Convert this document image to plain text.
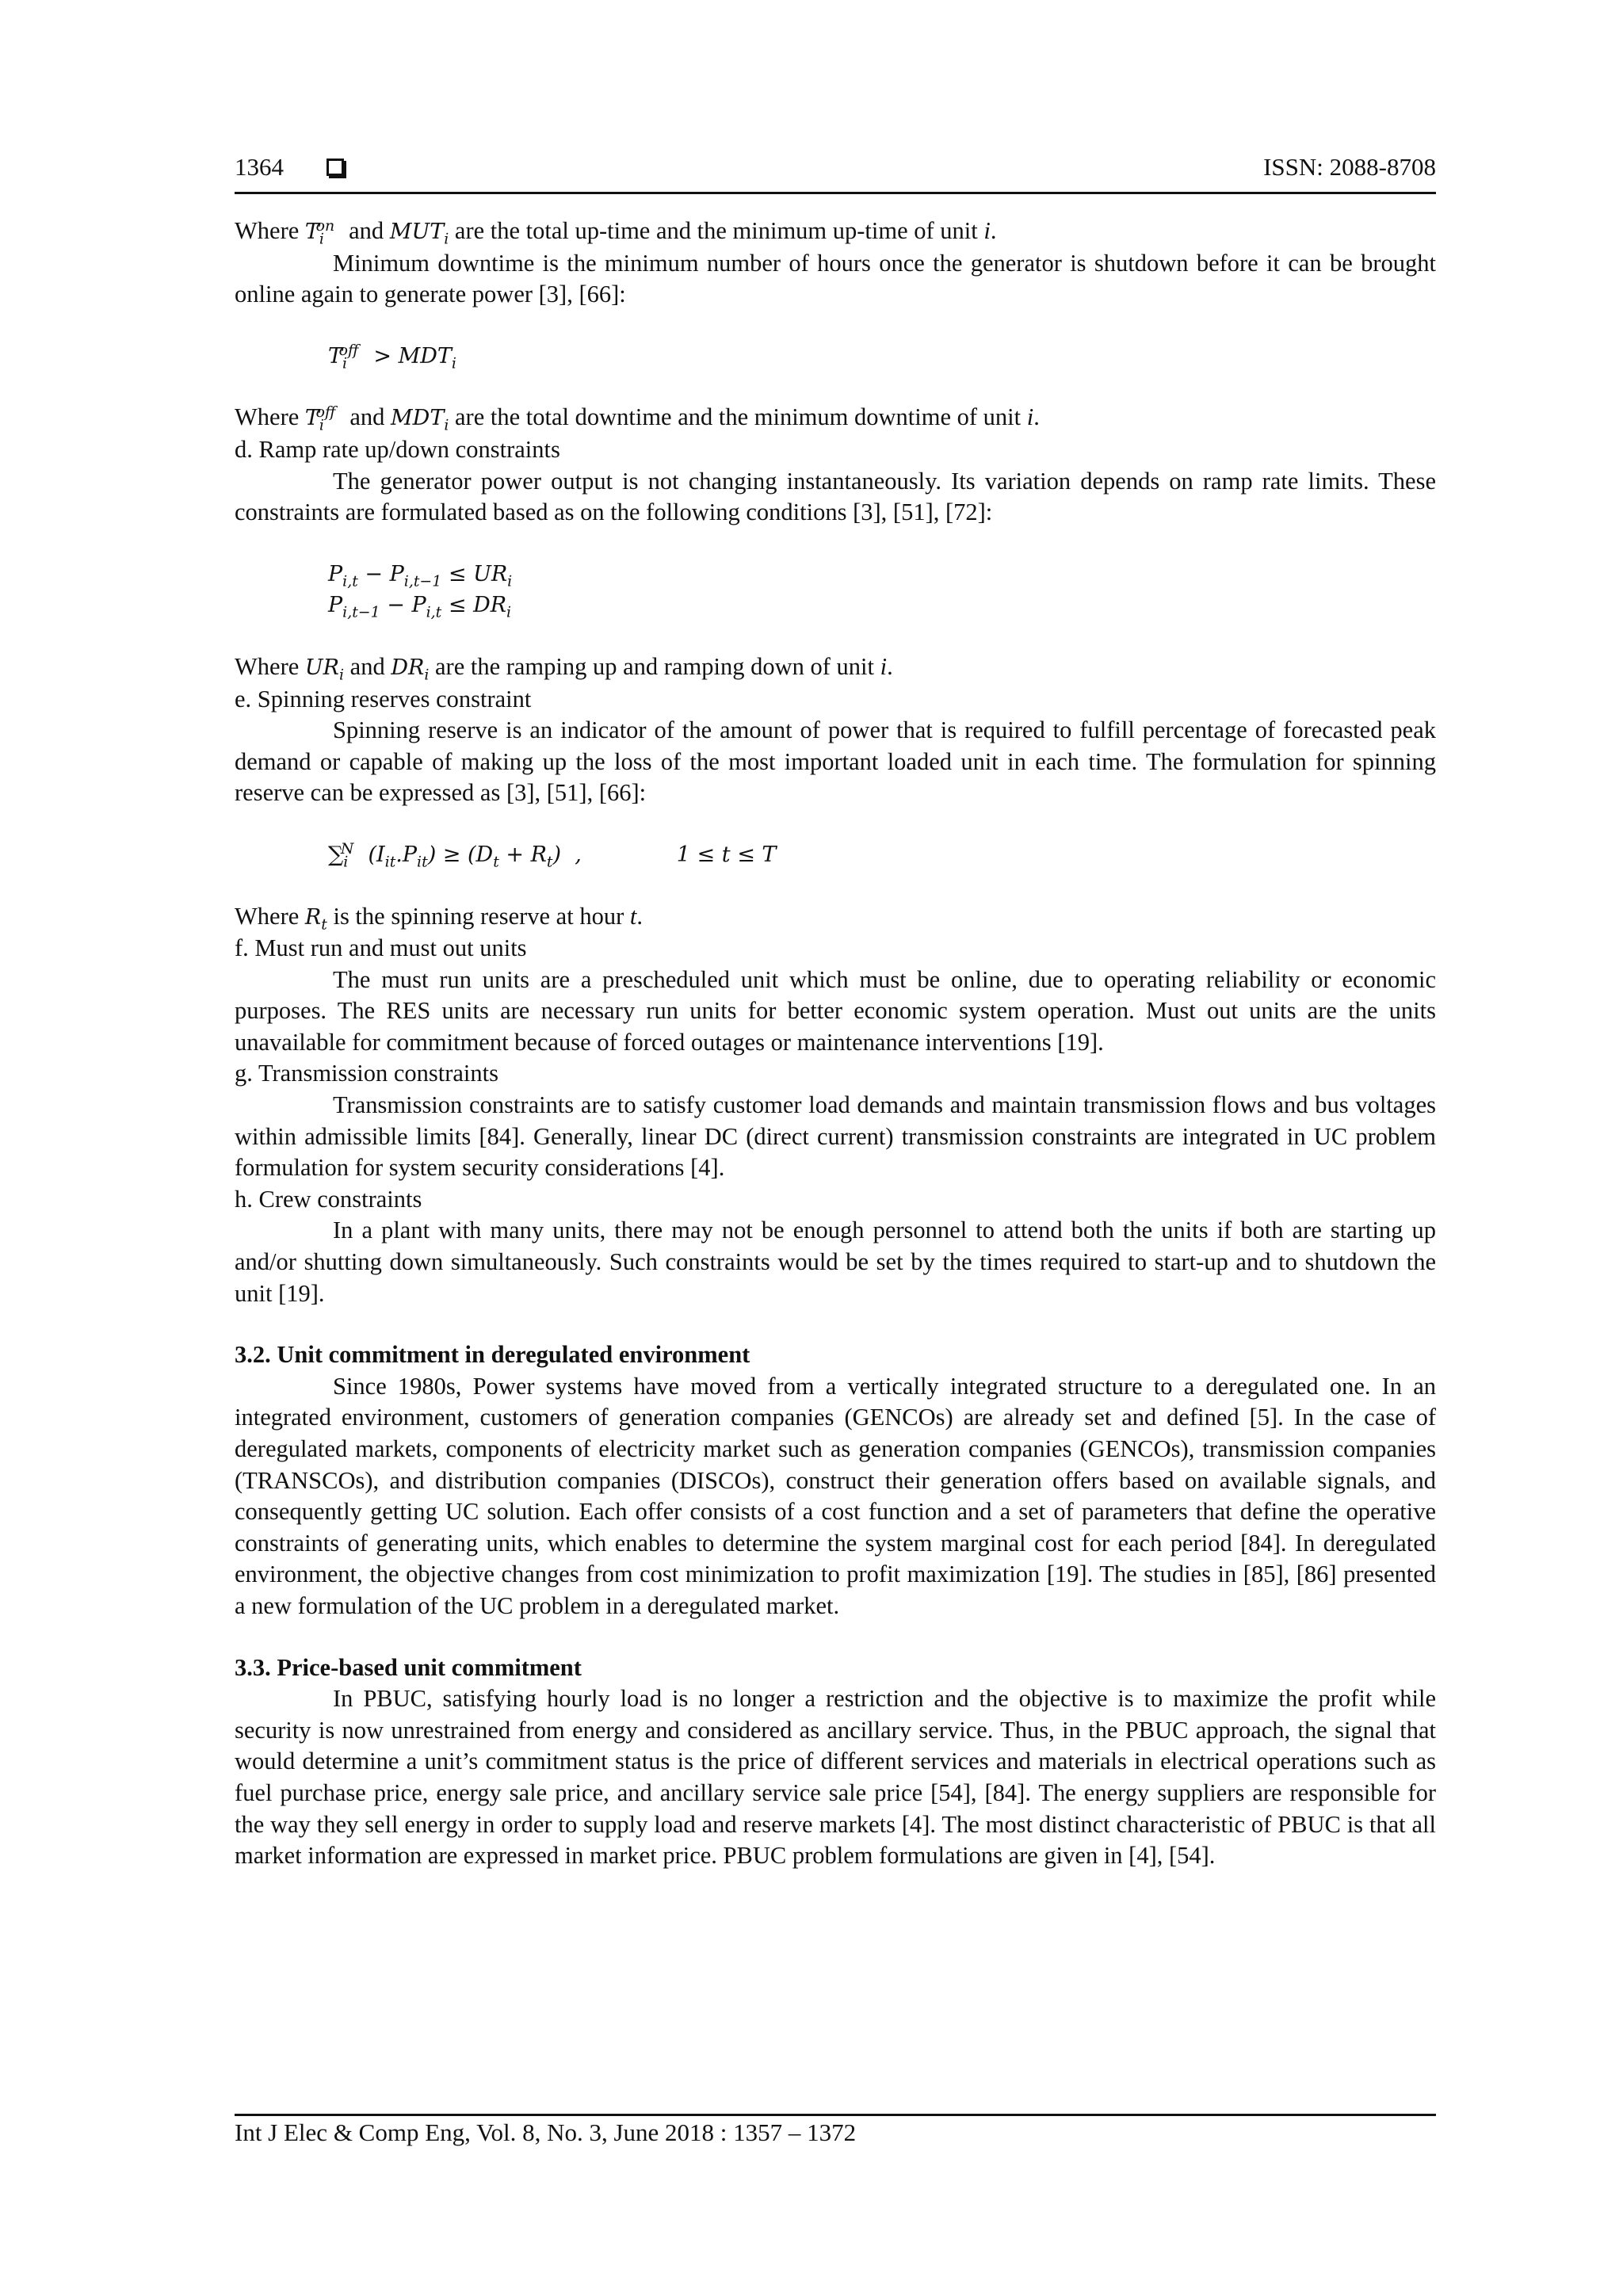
1364	ISSN: 2088-8708

Where $T_i^{on}$ and $MUT_i$ are the total up-time and the minimum up-time of unit i.

Minimum downtime is the minimum number of hours once the generator is shutdown before it can be brought online again to generate power [3], [66]:

$T_i^{off} > MDT_i$

Where $T_i^{off}$ and $MDT_i$ are the total downtime and the minimum downtime of unit i.

d. Ramp rate up/down constraints

The generator power output is not changing instantaneously. Its variation depends on ramp rate limits. These constraints are formulated based as on the following conditions [3], [51], [72]:

$P_{i,t} - P_{i,t-1} \le UR_i$

$P_{i,t-1} - P_{i,t} \le DR_i$

Where $UR_i$ and $DR_i$ are the ramping up and ramping down of unit i.

e. Spinning reserves constraint

Spinning reserve is an indicator of the amount of power that is required to fulfill percentage of forecasted peak demand or capable of making up the loss of the most important loaded unit in each time. The formulation for spinning reserve can be expressed as [3], [51], [66]:

$\sum_i^N$ $(I_{it}.P_{it}) \ge (D_t + R_t)$  ,	1 ≤ t ≤ T

Where $R_t$ is the spinning reserve at hour t.

f. Must run and must out units

The must run units are a prescheduled unit which must be online, due to operating reliability or economic purposes. The RES units are necessary run units for better economic system operation. Must out units are the units unavailable for commitment because of forced outages or maintenance interventions [19].

g. Transmission constraints

Transmission constraints are to satisfy customer load demands and maintain transmission flows and bus voltages within admissible limits [84]. Generally, linear DC (direct current) transmission constraints are integrated in UC problem formulation for system security considerations [4].

h. Crew constraints

In a plant with many units, there may not be enough personnel to attend both the units if both are starting up and/or shutting down simultaneously. Such constraints would be set by the times required to start-up and to shutdown the unit [19].

3.2. Unit commitment in deregulated environment

Since 1980s, Power systems have moved from a vertically integrated structure to a deregulated one. In an integrated environment, customers of generation companies (GENCOs) are already set and defined [5]. In the case of deregulated markets, components of electricity market such as generation companies (GENCOs), transmission companies (TRANSCOs), and distribution companies (DISCOs), construct their generation offers based on available signals, and consequently getting UC solution. Each offer consists of a cost function and a set of parameters that define the operative constraints of generating units, which enables to determine the system marginal cost for each period [84]. In deregulated environment, the objective changes from cost minimization to profit maximization [19]. The studies in [85], [86] presented a new formulation of the UC problem in a deregulated market.

3.3. Price-based unit commitment

In PBUC, satisfying hourly load is no longer a restriction and the objective is to maximize the profit while security is now unrestrained from energy and considered as ancillary service. Thus, in the PBUC approach, the signal that would determine a unit’s commitment status is the price of different services and materials in electrical operations such as fuel purchase price, energy sale price, and ancillary service sale price [54], [84]. The energy suppliers are responsible for the way they sell energy in order to supply load and reserve markets [4]. The most distinct characteristic of PBUC is that all market information are expressed in market price. PBUC problem formulations are given in [4], [54].

Int J Elec & Comp Eng, Vol. 8, No. 3, June 2018 : 1357 – 1372
